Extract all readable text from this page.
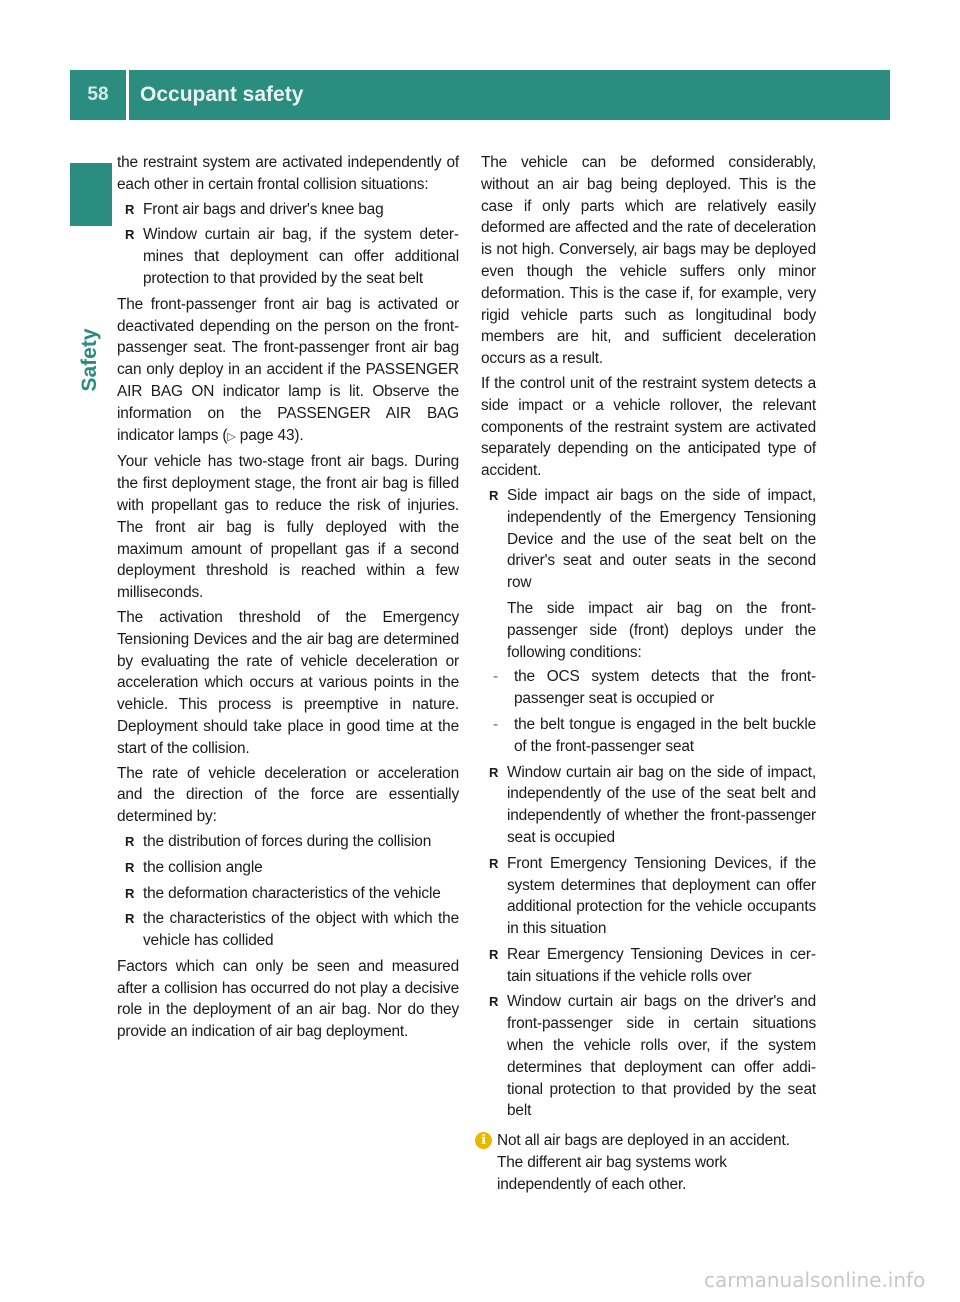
58	Occupant safety
Safety

the restraint system are activated independently of each other in certain frontal collision situations:

R
Front air bags and driver's knee bag
R
Window curtain air bag, if the system determines that deployment can offer additional protection to that provided by the seat belt

The front-passenger front air bag is activated or deactivated depending on the person on the front-passenger seat. The front-passenger front air bag can only deploy in an accident if the PASSENGER AIR BAG ON indicator lamp is lit. Observe the information on the PASSENGER AIR BAG indicator lamps (▷ page 43).

Your vehicle has two-stage front air bags. During the first deployment stage, the front air bag is filled with propellant gas to reduce the risk of injuries. The front air bag is fully deployed with the maximum amount of propellant gas if a second deployment threshold is reached within a few milliseconds.

The activation threshold of the Emergency Tensioning Devices and the air bag are determined by evaluating the rate of vehicle deceleration or acceleration which occurs at various points in the vehicle. This process is preemptive in nature. Deployment should take place in good time at the start of the collision.

The rate of vehicle deceleration or acceleration and the direction of the force are essentially determined by:

R
the distribution of forces during the collision
R
the collision angle
R
the deformation characteristics of the vehicle
R
the characteristics of the object with which the vehicle has collided

Factors which can only be seen and measured after a collision has occurred do not play a decisive role in the deployment of an air bag. Nor do they provide an indication of air bag deployment.

The vehicle can be deformed considerably, without an air bag being deployed. This is the case if only parts which are relatively easily deformed are affected and the rate of deceleration is not high. Conversely, air bags may be deployed even though the vehicle suffers only minor deformation. This is the case if, for example, very rigid vehicle parts such as longitudinal body members are hit, and sufficient deceleration occurs as a result.

If the control unit of the restraint system detects a side impact or a vehicle rollover, the relevant components of the restraint system are activated separately depending on the anticipated type of accident.

R
Side impact air bags on the side of impact, independently of the Emergency Tensioning Device and the use of the seat belt on the driver's seat and outer seats in the second row

The side impact air bag on the front-passenger side (front) deploys under the following conditions:

-
the OCS system detects that the front-passenger seat is occupied or
-
the belt tongue is engaged in the belt buckle of the front-passenger seat
R
Window curtain air bag on the side of impact, independently of the use of the seat belt and independently of whether the front-passenger seat is occupied
R
Front Emergency Tensioning Devices, if the system determines that deployment can offer additional protection for the vehicle occupants in this situation
R
Rear Emergency Tensioning Devices in certain situations if the vehicle rolls over
R
Window curtain air bags on the driver's and front-passenger side in certain situations when the vehicle rolls over, if the system determines that deployment can offer additional protection to that provided by the seat belt
i Not all air bags are deployed in an accident. The different air bag systems work independently of each other.
carmanualsonline.info
